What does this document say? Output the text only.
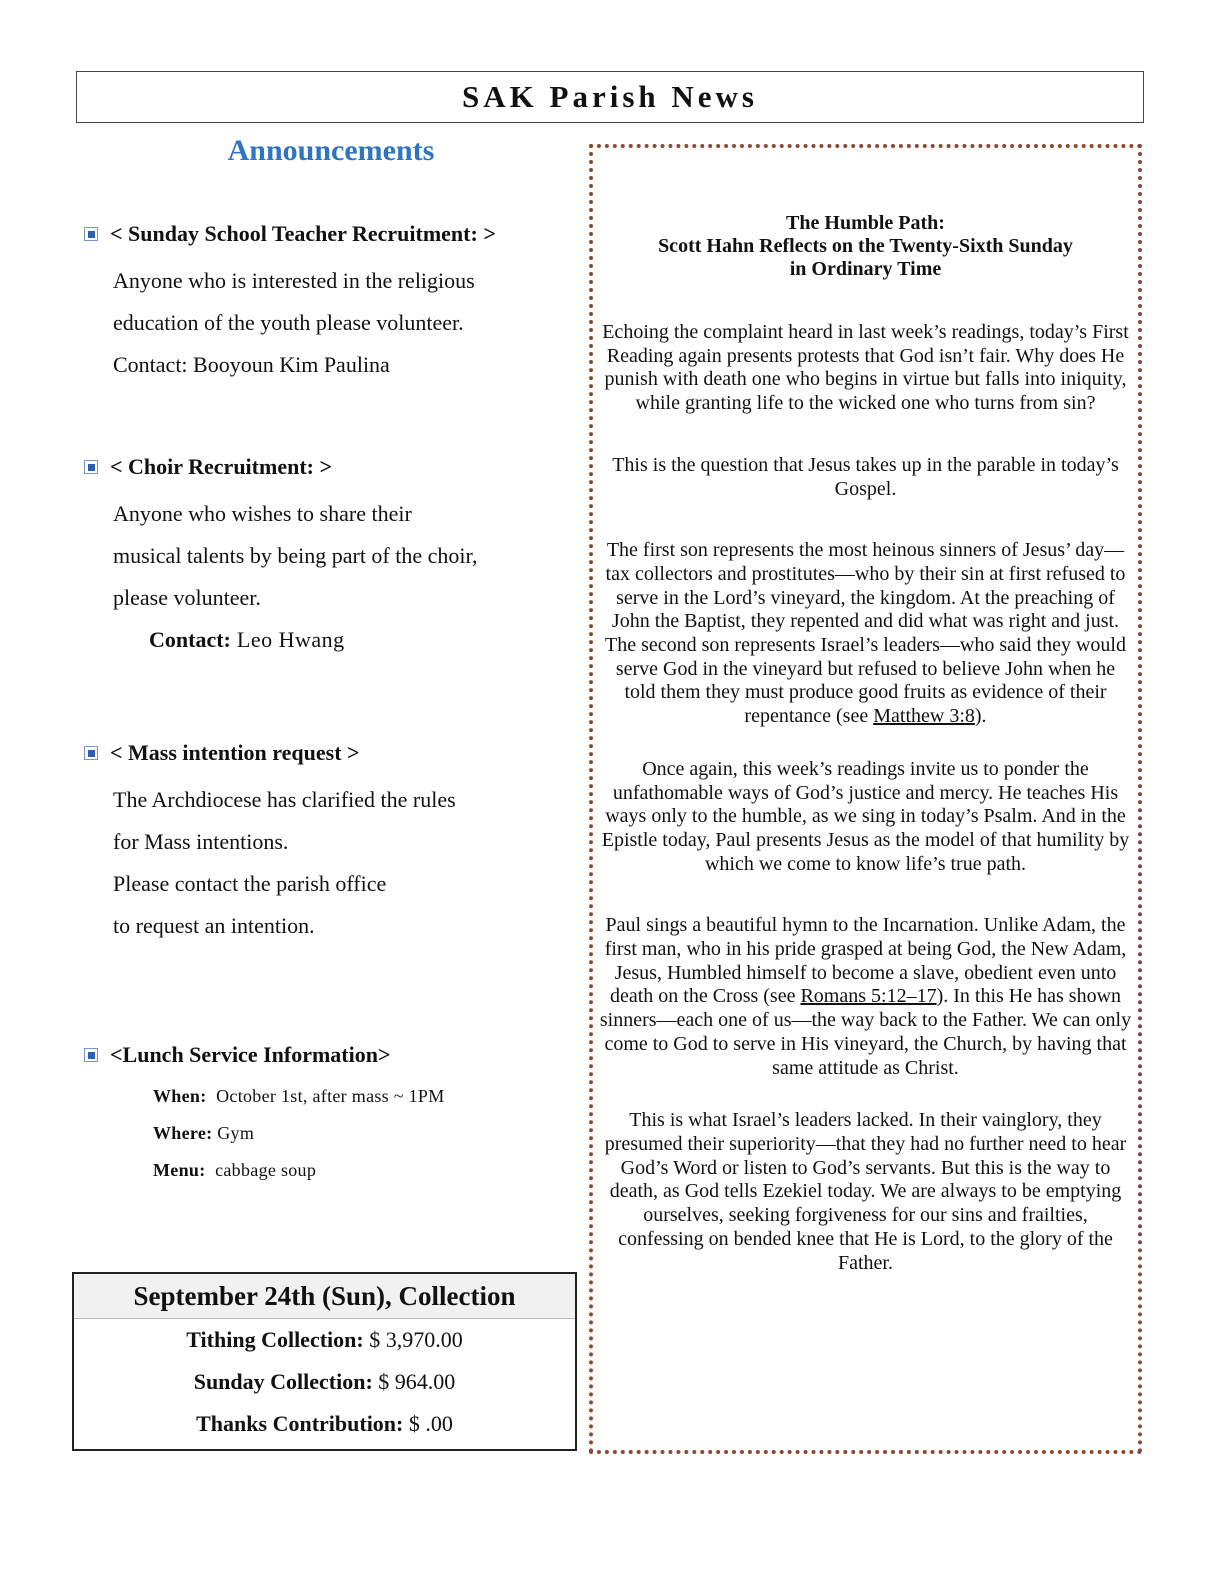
SAK Parish News
Announcements
< Sunday School Teacher Recruitment: >
Anyone who is interested in the religious
education of the youth please volunteer.
Contact: Booyoun Kim Paulina
< Choir Recruitment: >
Anyone who wishes to share their
musical talents by being part of the choir,
please volunteer.
Contact: Leo Hwang
< Mass intention request >
The Archdiocese has clarified the rules
for Mass intentions.
Please contact the parish office
to request an intention.
<Lunch Service Information>
When:  October 1st, after mass ~ 1PM
Where: Gym
Menu:  cabbage soup
September 24th (Sun), Collection
Tithing Collection: $ 3,970.00
Sunday Collection: $ 964.00
Thanks Contribution: $ .00
The Humble Path:
Scott Hahn Reflects on the Twenty-Sixth Sunday
in Ordinary Time
Echoing the complaint heard in last week’s readings, today’s First Reading again presents protests that God isn’t fair. Why does He punish with death one who begins in virtue but falls into iniquity, while granting life to the wicked one who turns from sin?
This is the question that Jesus takes up in the parable in today’s Gospel.
The first son represents the most heinous sinners of Jesus’ day—tax collectors and prostitutes—who by their sin at first refused to serve in the Lord’s vineyard, the kingdom. At the preaching of John the Baptist, they repented and did what was right and just. The second son represents Israel’s leaders—who said they would serve God in the vineyard but refused to believe John when he told them they must produce good fruits as evidence of their repentance (see Matthew 3:8).
Once again, this week’s readings invite us to ponder the unfathomable ways of God’s justice and mercy. He teaches His ways only to the humble, as we sing in today’s Psalm. And in the Epistle today, Paul presents Jesus as the model of that humility by which we come to know life’s true path.
Paul sings a beautiful hymn to the Incarnation. Unlike Adam, the first man, who in his pride grasped at being God, the New Adam, Jesus, Humbled himself to become a slave, obedient even unto death on the Cross (see Romans 5:12–17). In this He has shown sinners—each one of us—the way back to the Father. We can only come to God to serve in His vineyard, the Church, by having that same attitude as Christ.
This is what Israel’s leaders lacked. In their vainglory, they presumed their superiority—that they had no further need to hear God’s Word or listen to God’s servants. But this is the way to death, as God tells Ezekiel today. We are always to be emptying ourselves, seeking forgiveness for our sins and frailties, confessing on bended knee that He is Lord, to the glory of the Father.
